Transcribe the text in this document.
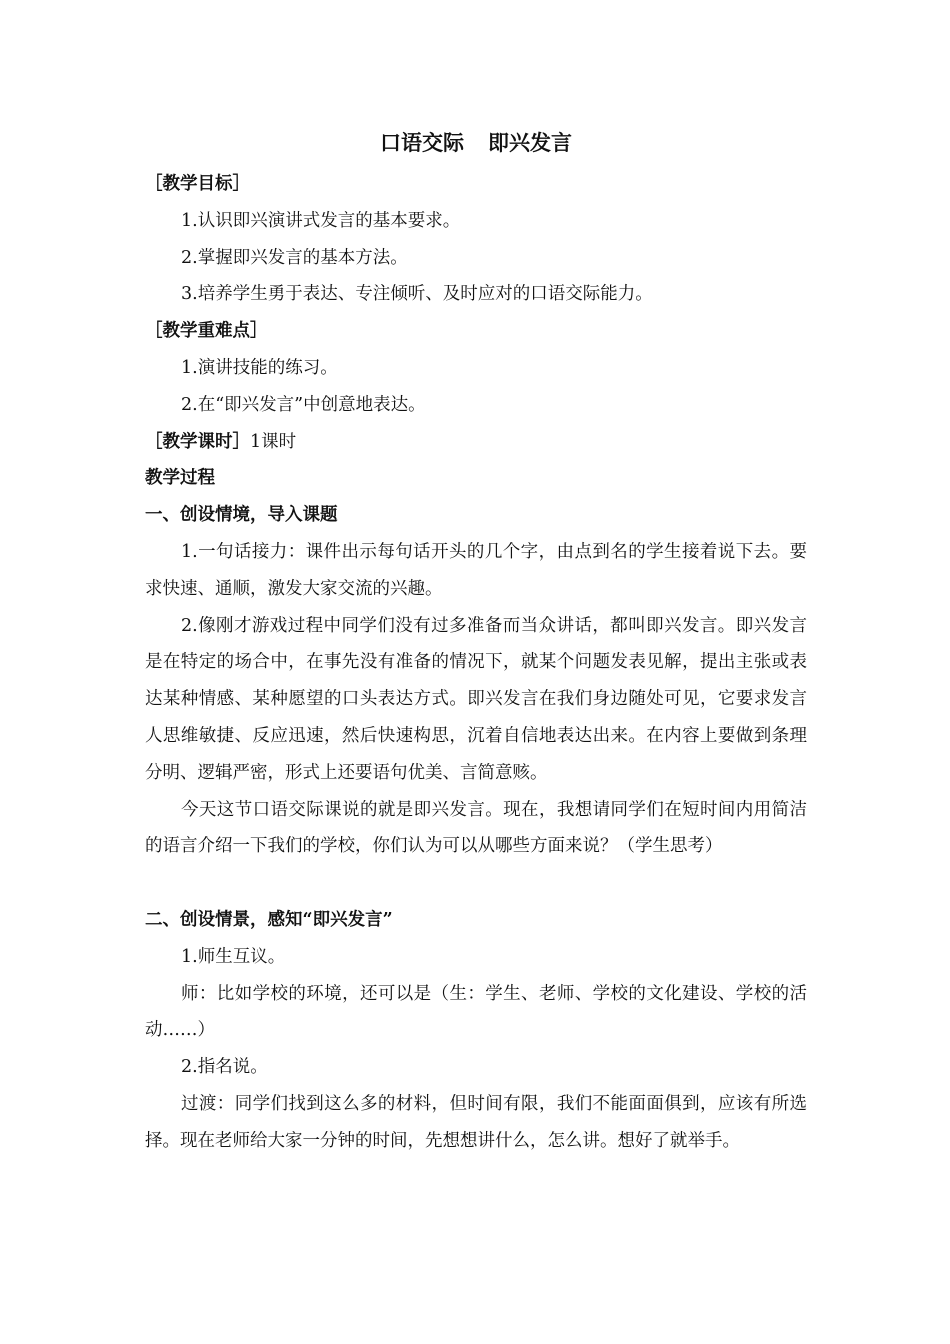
口语交际 即兴发言

［教学目标］

1.认识即兴演讲式发言的基本要求。

2.掌握即兴发言的基本方法。

3.培养学生勇于表达、专注倾听、及时应对的口语交际能力。

［教学重难点］

1.演讲技能的练习。

2.在“即兴发言”中创意地表达。

［教学课时］1课时

教学过程

一、创设情境，导入课题

1.一句话接力：课件出示每句话开头的几个字，由点到名的学生接着说下去。要求快速、通顺，激发大家交流的兴趣。

2.像刚才游戏过程中同学们没有过多准备而当众讲话，都叫即兴发言。即兴发言是在特定的场合中，在事先没有准备的情况下，就某个问题发表见解，提出主张或表达某种情感、某种愿望的口头表达方式。即兴发言在我们身边随处可见，它要求发言人思维敏捷、反应迅速，然后快速构思，沉着自信地表达出来。在内容上要做到条理分明、逻辑严密，形式上还要语句优美、言简意赅。

今天这节口语交际课说的就是即兴发言。现在，我想请同学们在短时间内用简洁的语言介绍一下我们的学校，你们认为可以从哪些方面来说？（学生思考）

二、创设情景，感知“即兴发言”

1.师生互议。

师：比如学校的环境，还可以是（生：学生、老师、学校的文化建设、学校的活动……）

2.指名说。

过渡：同学们找到这么多的材料，但时间有限，我们不能面面俱到，应该有所选择。现在老师给大家一分钟的时间，先想想讲什么，怎么讲。想好了就举手。
